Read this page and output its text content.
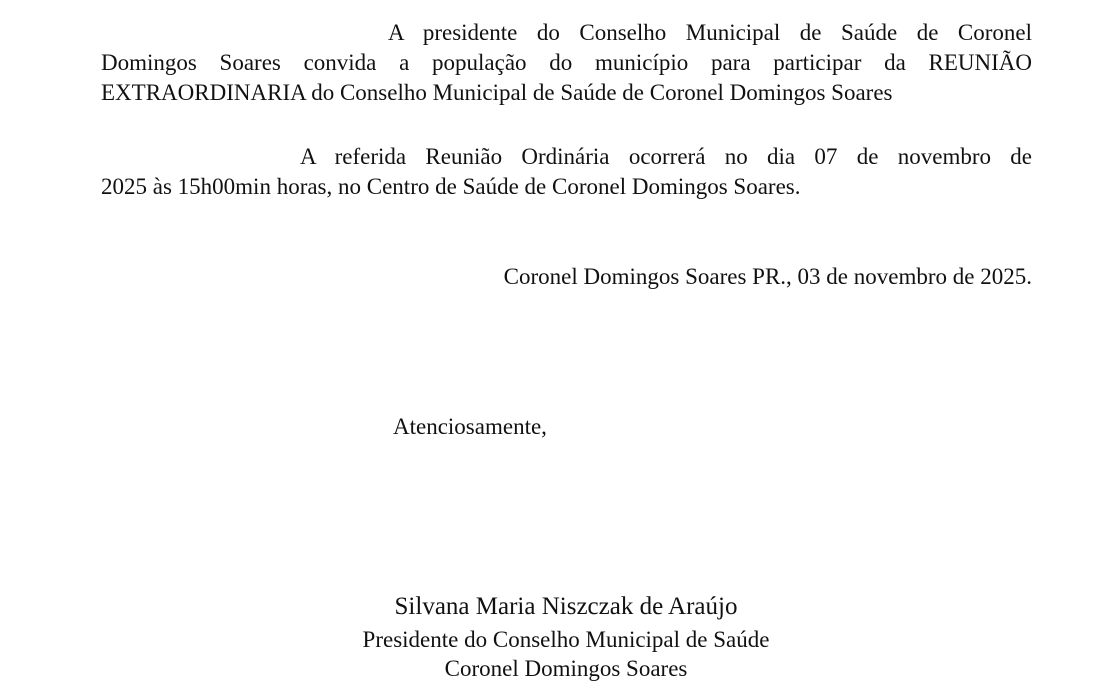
A presidente do Conselho Municipal de Saúde de Coronel
Domingos Soares convida a população do município para participar da REUNIÃO
EXTRAORDINARIA do Conselho Municipal de Saúde de Coronel Domingos Soares
A referida Reunião Ordinária ocorrerá no dia 07 de novembro de
2025 às 15h00min horas, no Centro de Saúde de Coronel Domingos Soares.
Coronel Domingos Soares PR., 03 de novembro de 2025.
Atenciosamente,
Silvana Maria Niszczak de Araújo
Presidente do Conselho Municipal de Saúde
Coronel Domingos Soares
